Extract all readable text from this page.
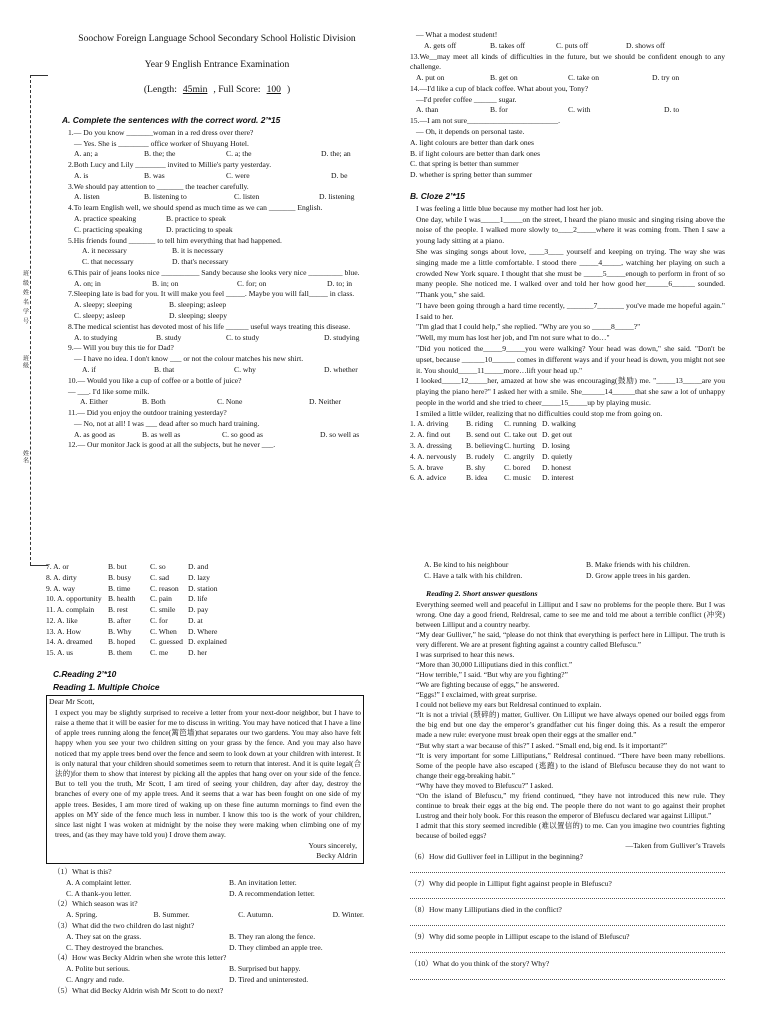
班 级 姓 名 学 号
班级
姓名
Soochow Foreign Language School Secondary School Holistic Division
Year 9 English Entrance Examination
(Length: 45min , Full Score: 100 )
A. Complete the sentences with the correct word. 2’*15
1.— Do you know _______woman in a red dress over there?
— Yes. She is ________ office worker of Shuyang Hotel.
A. an; a	B. the; the	C. a; the	D. the; an
2.Both Lucy and Lily ________ invited to Millie's party yesterday.
A. is	B. was	C. were	D. be
3.We should pay attention to _______ the teacher carefully.
A. listen	B. listening to	C. listen	D. listening
4.To learn English well, we should spend as much time as we can _______ English.
A. practice speaking	B. practice to speak
C. practicing speaking	D. practicing to speak
5.His friends found _______ to tell him everything that had happened.
A. it necessary	B. it is necessary
C. that necessary	D. that's necessary
6.This pair of jeans looks nice __________ Sandy because she looks very nice _________ blue.
A. on; in	B. in; on	C. for; on	D. to; in
7.Sleeping late is bad for you. It will make you feel _____. Maybe you will fall_____ in class.
A. sleepy; sleeping	B. sleeping; asleep
C. sleepy; asleep	D. sleeping; sleepy
8.The medical scientist has devoted most of his life ______ useful ways treating this disease.
A. to studying	B. study	C. to study	D. studying
9.— Will you buy this tie for Dad?
— I have no idea. I don't know ___ or not the colour matches his new shirt.
A. if	B. that	C. why	D. whether
10.— Would you like a cup of coffee or a bottle of juice?
— ___. I'd like some milk.
A. Either	B. Both	C. None	D. Neither
11.— Did you enjoy the outdoor training yesterday?
— No, not at all! I was ___ dead after so much hard training.
A. as good as	B. as well as	C. so good as	D. so well as
12.— Our monitor Jack is good at all the subjects, but he never ___.
— What a modest student!
A. gets off	B. takes off	C. puts off	D. shows off
13.We__may meet all kinds of difficulties in the future, but we should be confident enough to any challenge.
A. put on	B. get on	C. take on	D. try on
14.—I'd like a cup of black coffee. What about you, Tony?
—I'd prefer coffee ______ sugar.
A. than	B. for	C. with	D. to
15.—I am not sure________________________.
— Oh, it depends on personal taste.
A. light colours are better than dark ones
B. if light colours are better than dark ones
C. that spring is better than summer
D. whether is spring better than summer
B. Cloze 2’*15
I was feeling a little blue because my mother had lost her job.
One day, while I was_____1_____on the street, I heard the piano music and singing rising above the noise of the people. I walked more slowly to____2_____where it was coming from. Then I saw a young lady sitting at a piano.
She was singing songs about love, ____3____ yourself and keeping on trying. The way she was singing made me a little comfortable. I stood there _____4_____, watching her playing on such a crowded New York square. I thought that she must be _____5_____enough to perform in front of so many people. She noticed me. I walked over and told her how good her______6______ sounded. "Thank you," she said.
"I have been going through a hard time recently, _______7_______ you've made me hopeful again." I said to her.
"I'm glad that I could help," she replied. "Why are you so _____8_____?"
"Well, my mum has lost her job, and I'm not sure what to do…"
"Did you noticed the_____9_____you were walking? Your head was down," she said. "Don't be upset, because ______10______ comes in different ways and if your head is down, you might not see it. You should_____11_____more…lift your head up."
I looked_____12_____her, amazed at how she was encouraging(鼓励) me. "_____13_____are you playing the piano here?" I asked her with a smile. She______14______that she saw a lot of unhappy people in the world and she tried to cheer_____15_____up by playing music.
I smiled a little wilder, realizing that no difficulties could stop me from going on.
1. A. driving	B. riding	C. running D. walking
2. A. find out	B. send out C. take out D. get out
3. A. dressing	B. believing C. hurting D. losing
4. A. nervously	B. rudely	C. angrily	D. quietly
5. A. brave	B. shy	C. bored	D. honest
6. A. advice	B. idea	C. music	D. interest
7. A. or	B. but	C. so	D. and
8. A. dirty	B. busy	C. sad	D. lazy
9. A. way	B. time	C. reason	D. station
10. A. opportunity B. health	C. pain	D. life
11. A. complain	B. rest	C. smile	D. pay
12. A. like	B. after	C. for	D. at
13. A. How	B. Why	C. When	D. Where
14. A. dreamed	B. hoped	C. guessed D. explained
15. A. us	B. them	C. me	D. her
C.Reading 2’*10
Reading 1. Multiple Choice
Dear Mr Scott,
I expect you may be slightly surprised to receive a letter from your next-door neighbor, but I have to raise a theme that it will be easier for me to discuss in writing. You may have noticed that I have a line of apple trees running along the fence(篱笆墙)that separates our two gardens. You may also have felt happy when you see your two children sitting on your grass by the fence. And you may also have noticed that my apple trees bend over the fence and seem to look down at your children with interest. It is only natural that your children should sometimes seem to return that interest. And it is quite legal(合法的)for them to show that interest by picking all the apples that hang over on your side of the fence. But to tell you the truth, Mr Scott, I am tired of seeing your children, day after day, destroy the branches of every one of my apple trees. And it seems that a war has been fought on one side of my apple trees. Besides, I am more tired of waking up on these fine autumn mornings to find even the apples on MY side of the fence much less in number. I know this too is the work of your children, since last night I was woken at midnight by the noise they were making when climbing one of my trees, and (as they may have told you) I drove them away.
Yours sincerely,
Becky Aldrin
（1）What is this?
A. A complaint letter.	B. An invitation letter.
C. A thank-you letter.	D. A recommendation letter.
（2）Which season was it?
A. Spring.	B. Summer.	C. Autumn.	D. Winter.
（3）What did the two children do last night?
A. They sat on the grass.	B. They ran along the fence.
C. They destroyed the branches.	D. They climbed an apple tree.
（4）How was Becky Aldrin when she wrote this letter?
A. Polite but serious.	B. Surprised but happy.
C. Angry and rude.	D. Tired and uninterested.
（5）What did Becky Aldrin wish Mr Scott to do next?
A. Be kind to his neighbour	B. Make friends with his children.
C. Have a talk with his children.	D. Grow apple trees in his garden.
Reading 2. Short answer questions
Everything seemed well and peaceful in Lilliput and I saw no problems for the people there. But I was wrong. One day a good friend, Reldresal, came to see me and told me about a terrible conflict (冲突) between Lilliput and a country nearby.
“My dear Gulliver,” he said, “please do not think that everything is perfect here in Lilliput. The truth is very different. We are at present fighting against a country called Blefuscu.”
I was surprised to hear this news.
“More than 30,000 Lilliputians died in this conflict.”
“How terrible,” I said. “But why are you fighting?”
“We are fighting because of eggs,” he answered.
“Eggs!” I exclaimed, with great surprise.
I could not believe my ears but Reldresal continued to explain.
“It is not a trivial (琐碎的) matter, Gulliver. On Lilliput we have always opened our boiled eggs from the big end but one day the emperor’s grandfather cut his finger doing this. As a result the emperor made a new rule: everyone must break open their eggs at the smaller end.”
“But why start a war because of this?” I asked. “Small end, big end. Is it important?”
“It is very important for some Lilliputians,” Reldresal continued. “There have been many rebellions. Some of the people have also escaped (逃跑) to the island of Blefuscu because they do not want to change their egg-breaking habit.”
“Why have they moved to Blefuscu?” I asked.
“On the island of Blefuscu,” my friend continued, “they have not introduced this new rule. They continue to break their eggs at the big end. The people there do not want to go against their prophet Lustrog and their holy book. For this reason the emperor of Blefuscu declared war against Lilliput.”
I admit that this story seemed incredible (难以置信的) to me. Can you imagine two countries fighting because of boiled eggs?
—Taken from Gulliver’s Travels
（6）How did Gulliver feel in Lilliput in the beginning?
（7）Why did people in Lilliput fight against people in Blefuscu?
（8）How many Lilliputians died in the conflict?
（9）Why did some people in Lilliput escape to the island of Blefuscu?
（10）What do you think of the story? Why?
